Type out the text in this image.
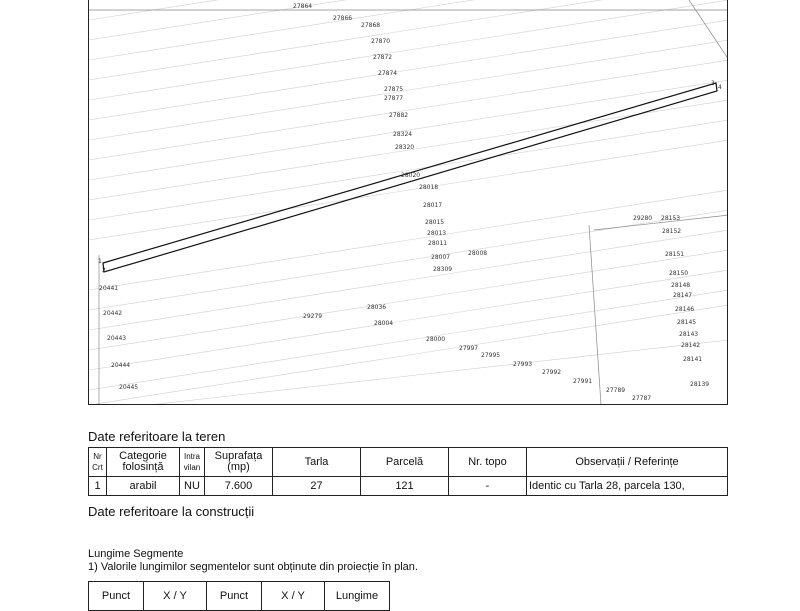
1
2
3
4
27864
27866
27868
27870
27872
27874
27875
27877
27882
28324
28320
28020
28018
28017
28015
28013
28011
28007
28008
28309
20441
20442
20443
20444
20445
29279
28036
28004
28000
27997
27995
27993
27992
27991
27789
27787
29280 28153
28152
28151
28150
28148
28147
28146
28145
28143
28142
28141
28139
Date referitoare la teren
Nr Crt	Categorie folosință	Intra vilan	Suprafața (mp)	Tarla	Parcelă	Nr. topo	Observații / Referințe
1	arabil	NU	7.600	27	121	-	Identic cu Tarla 28, parcela 130,
Date referitoare la construcții
Lungime Segmente
1) Valorile lungimilor segmentelor sunt obținute din proiecție în plan.
Punct	X / Y	Punct	X / Y	Lungime
